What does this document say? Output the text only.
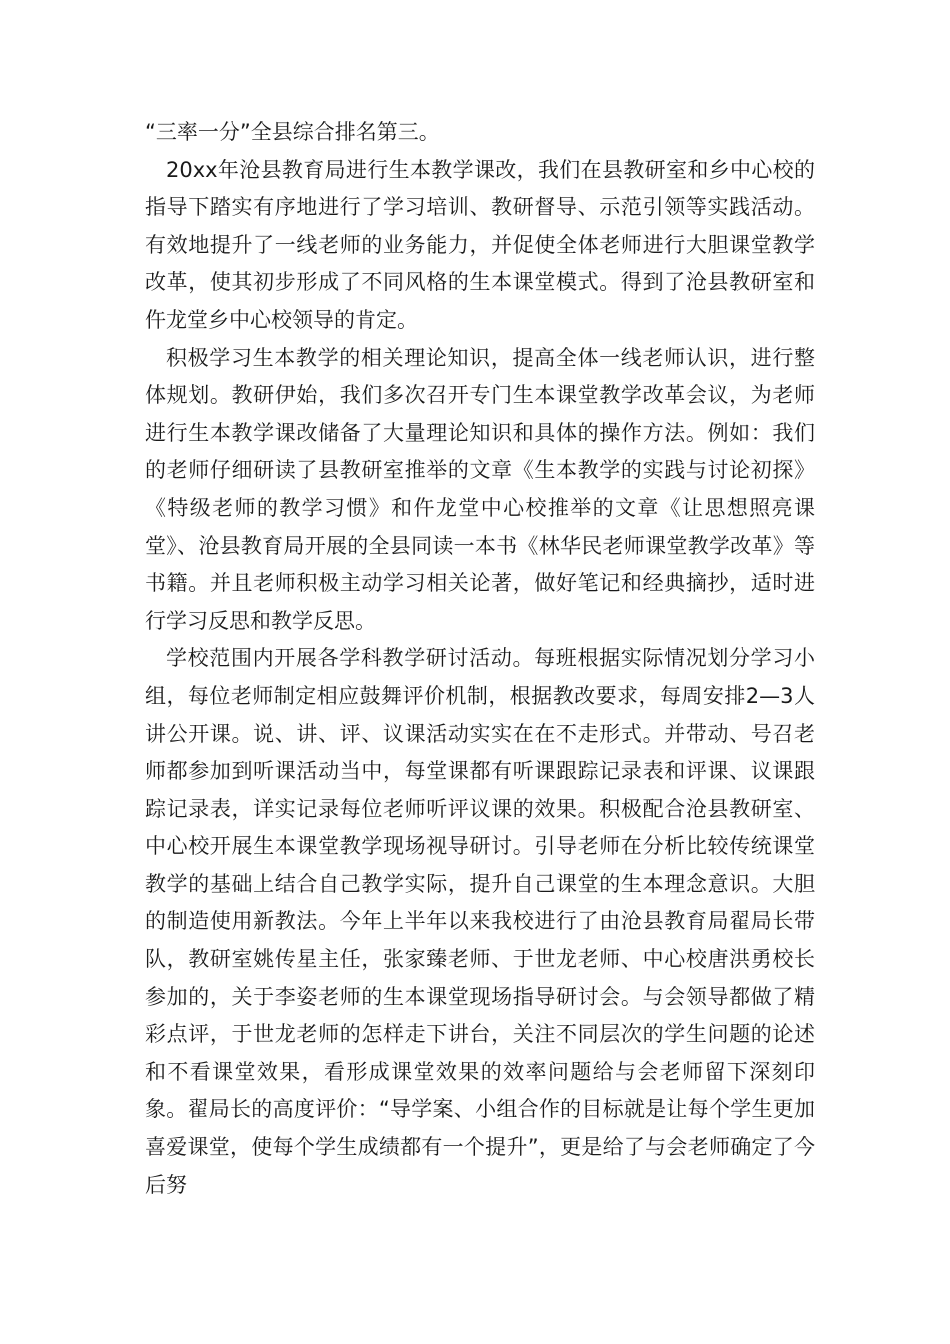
“三率一分”全县综合排名第三。

20xx年沧县教育局进行生本教学课改，我们在县教研室和乡中心校的指导下踏实有序地进行了学习培训、教研督导、示范引领等实践活动。有效地提升了一线老师的业务能力，并促使全体老师进行大胆课堂教学改革，使其初步形成了不同风格的生本课堂模式。得到了沧县教研室和仵龙堂乡中心校领导的肯定。

积极学习生本教学的相关理论知识，提高全体一线老师认识，进行整体规划。教研伊始，我们多次召开专门生本课堂教学改革会议，为老师进行生本教学课改储备了大量理论知识和具体的操作方法。例如：我们的老师仔细研读了县教研室推举的文章《生本教学的实践与讨论初探》《特级老师的教学习惯》和仵龙堂中心校推举的文章《让思想照亮课堂》、沧县教育局开展的全县同读一本书《林华民老师课堂教学改革》等书籍。并且老师积极主动学习相关论著，做好笔记和经典摘抄，适时进行学习反思和教学反思。

学校范围内开展各学科教学研讨活动。每班根据实际情况划分学习小组，每位老师制定相应鼓舞评价机制，根据教改要求，每周安排2—3人讲公开课。说、讲、评、议课活动实实在在不走形式。并带动、号召老师都参加到听课活动当中，每堂课都有听课跟踪记录表和评课、议课跟踪记录表，详实记录每位老师听评议课的效果。积极配合沧县教研室、中心校开展生本课堂教学现场视导研讨。引导老师在分析比较传统课堂教学的基础上结合自己教学实际，提升自己课堂的生本理念意识。大胆的制造使用新教法。今年上半年以来我校进行了由沧县教育局翟局长带队，教研室姚传星主任，张家臻老师、于世龙老师、中心校唐洪勇校长参加的，关于李姿老师的生本课堂现场指导研讨会。与会领导都做了精彩点评，于世龙老师的怎样走下讲台，关注不同层次的学生问题的论述和不看课堂效果，看形成课堂效果的效率问题给与会老师留下深刻印象。翟局长的高度评价：“导学案、小组合作的目标就是让每个学生更加喜爱课堂，使每个学生成绩都有一个提升”，更是给了与会老师确定了今后努
